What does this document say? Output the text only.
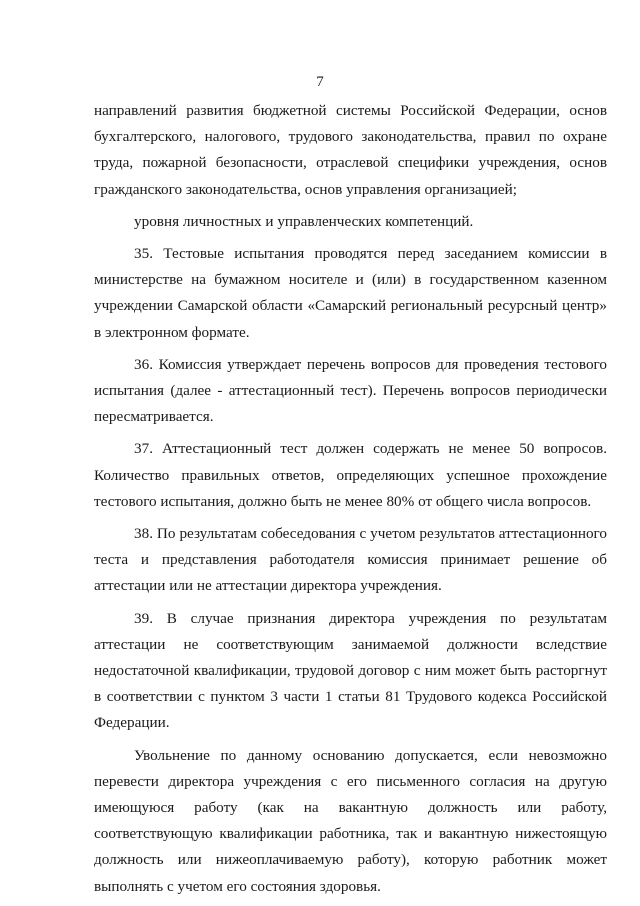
7

направлений развития бюджетной системы Российской Федерации, основ бухгалтерского, налогового, трудового законодательства, правил по охране труда, пожарной безопасности, отраслевой специфики учреждения, основ гражданского законодательства, основ управления организацией;

уровня личностных и управленческих компетенций.

35. Тестовые испытания проводятся перед заседанием комиссии в министерстве на бумажном носителе и (или) в государственном казенном учреждении Самарской области «Самарский региональный ресурсный центр» в электронном формате.

36. Комиссия утверждает перечень вопросов для проведения тестового испытания (далее - аттестационный тест). Перечень вопросов периодически пересматривается.

37. Аттестационный тест должен содержать не менее 50 вопросов. Количество правильных ответов, определяющих успешное прохождение тестового испытания, должно быть не менее 80% от общего числа вопросов.

38. По результатам собеседования с учетом результатов аттестационного теста и представления работодателя комиссия принимает решение об аттестации или не аттестации директора учреждения.

39. В случае признания директора учреждения по результатам аттестации не соответствующим занимаемой должности вследствие недостаточной квалификации, трудовой договор с ним может быть расторгнут в соответствии с пунктом 3 части 1 статьи 81 Трудового кодекса Российской Федерации.

Увольнение по данному основанию допускается, если невозможно перевести директора учреждения с его письменного согласия на другую имеющуюся работу (как на вакантную должность или работу, соответствующую квалификации работника, так и вакантную нижестоящую должность или нижеоплачиваемую работу), которую работник может выполнять с учетом его состояния здоровья.
